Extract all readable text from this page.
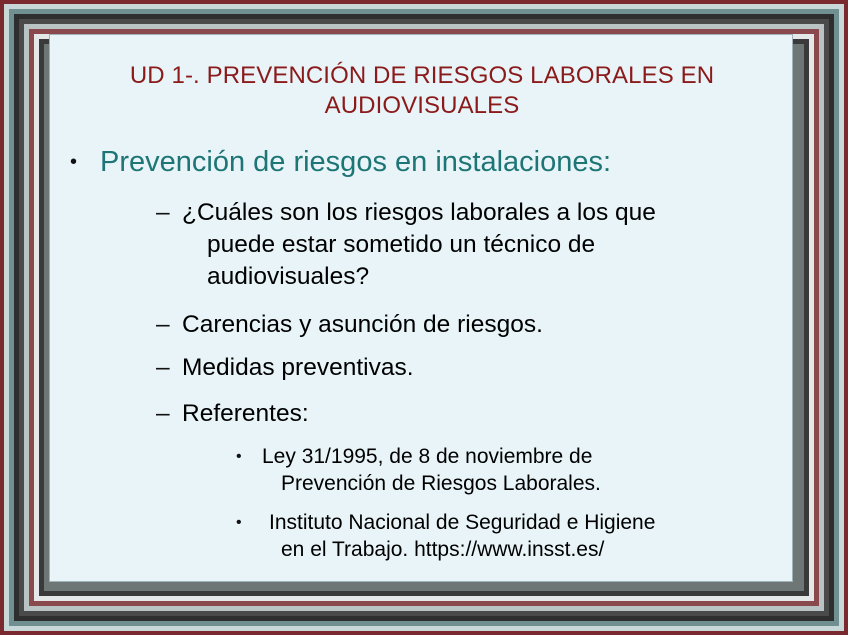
UD 1-. PREVENCIÓN DE RIESGOS LABORALES EN
AUDIOVISUALES
• Prevención de riesgos en instalaciones:
– ¿Cuáles son los riesgos laborales a los que
puede estar sometido un técnico de
audiovisuales?
– Carencias y asunción de riesgos.
– Medidas preventivas.
– Referentes:
• Ley 31/1995, de 8 de noviembre de
Prevención de Riesgos Laborales.
• Instituto Nacional de Seguridad e Higiene
en el Trabajo. https://www.insst.es/
